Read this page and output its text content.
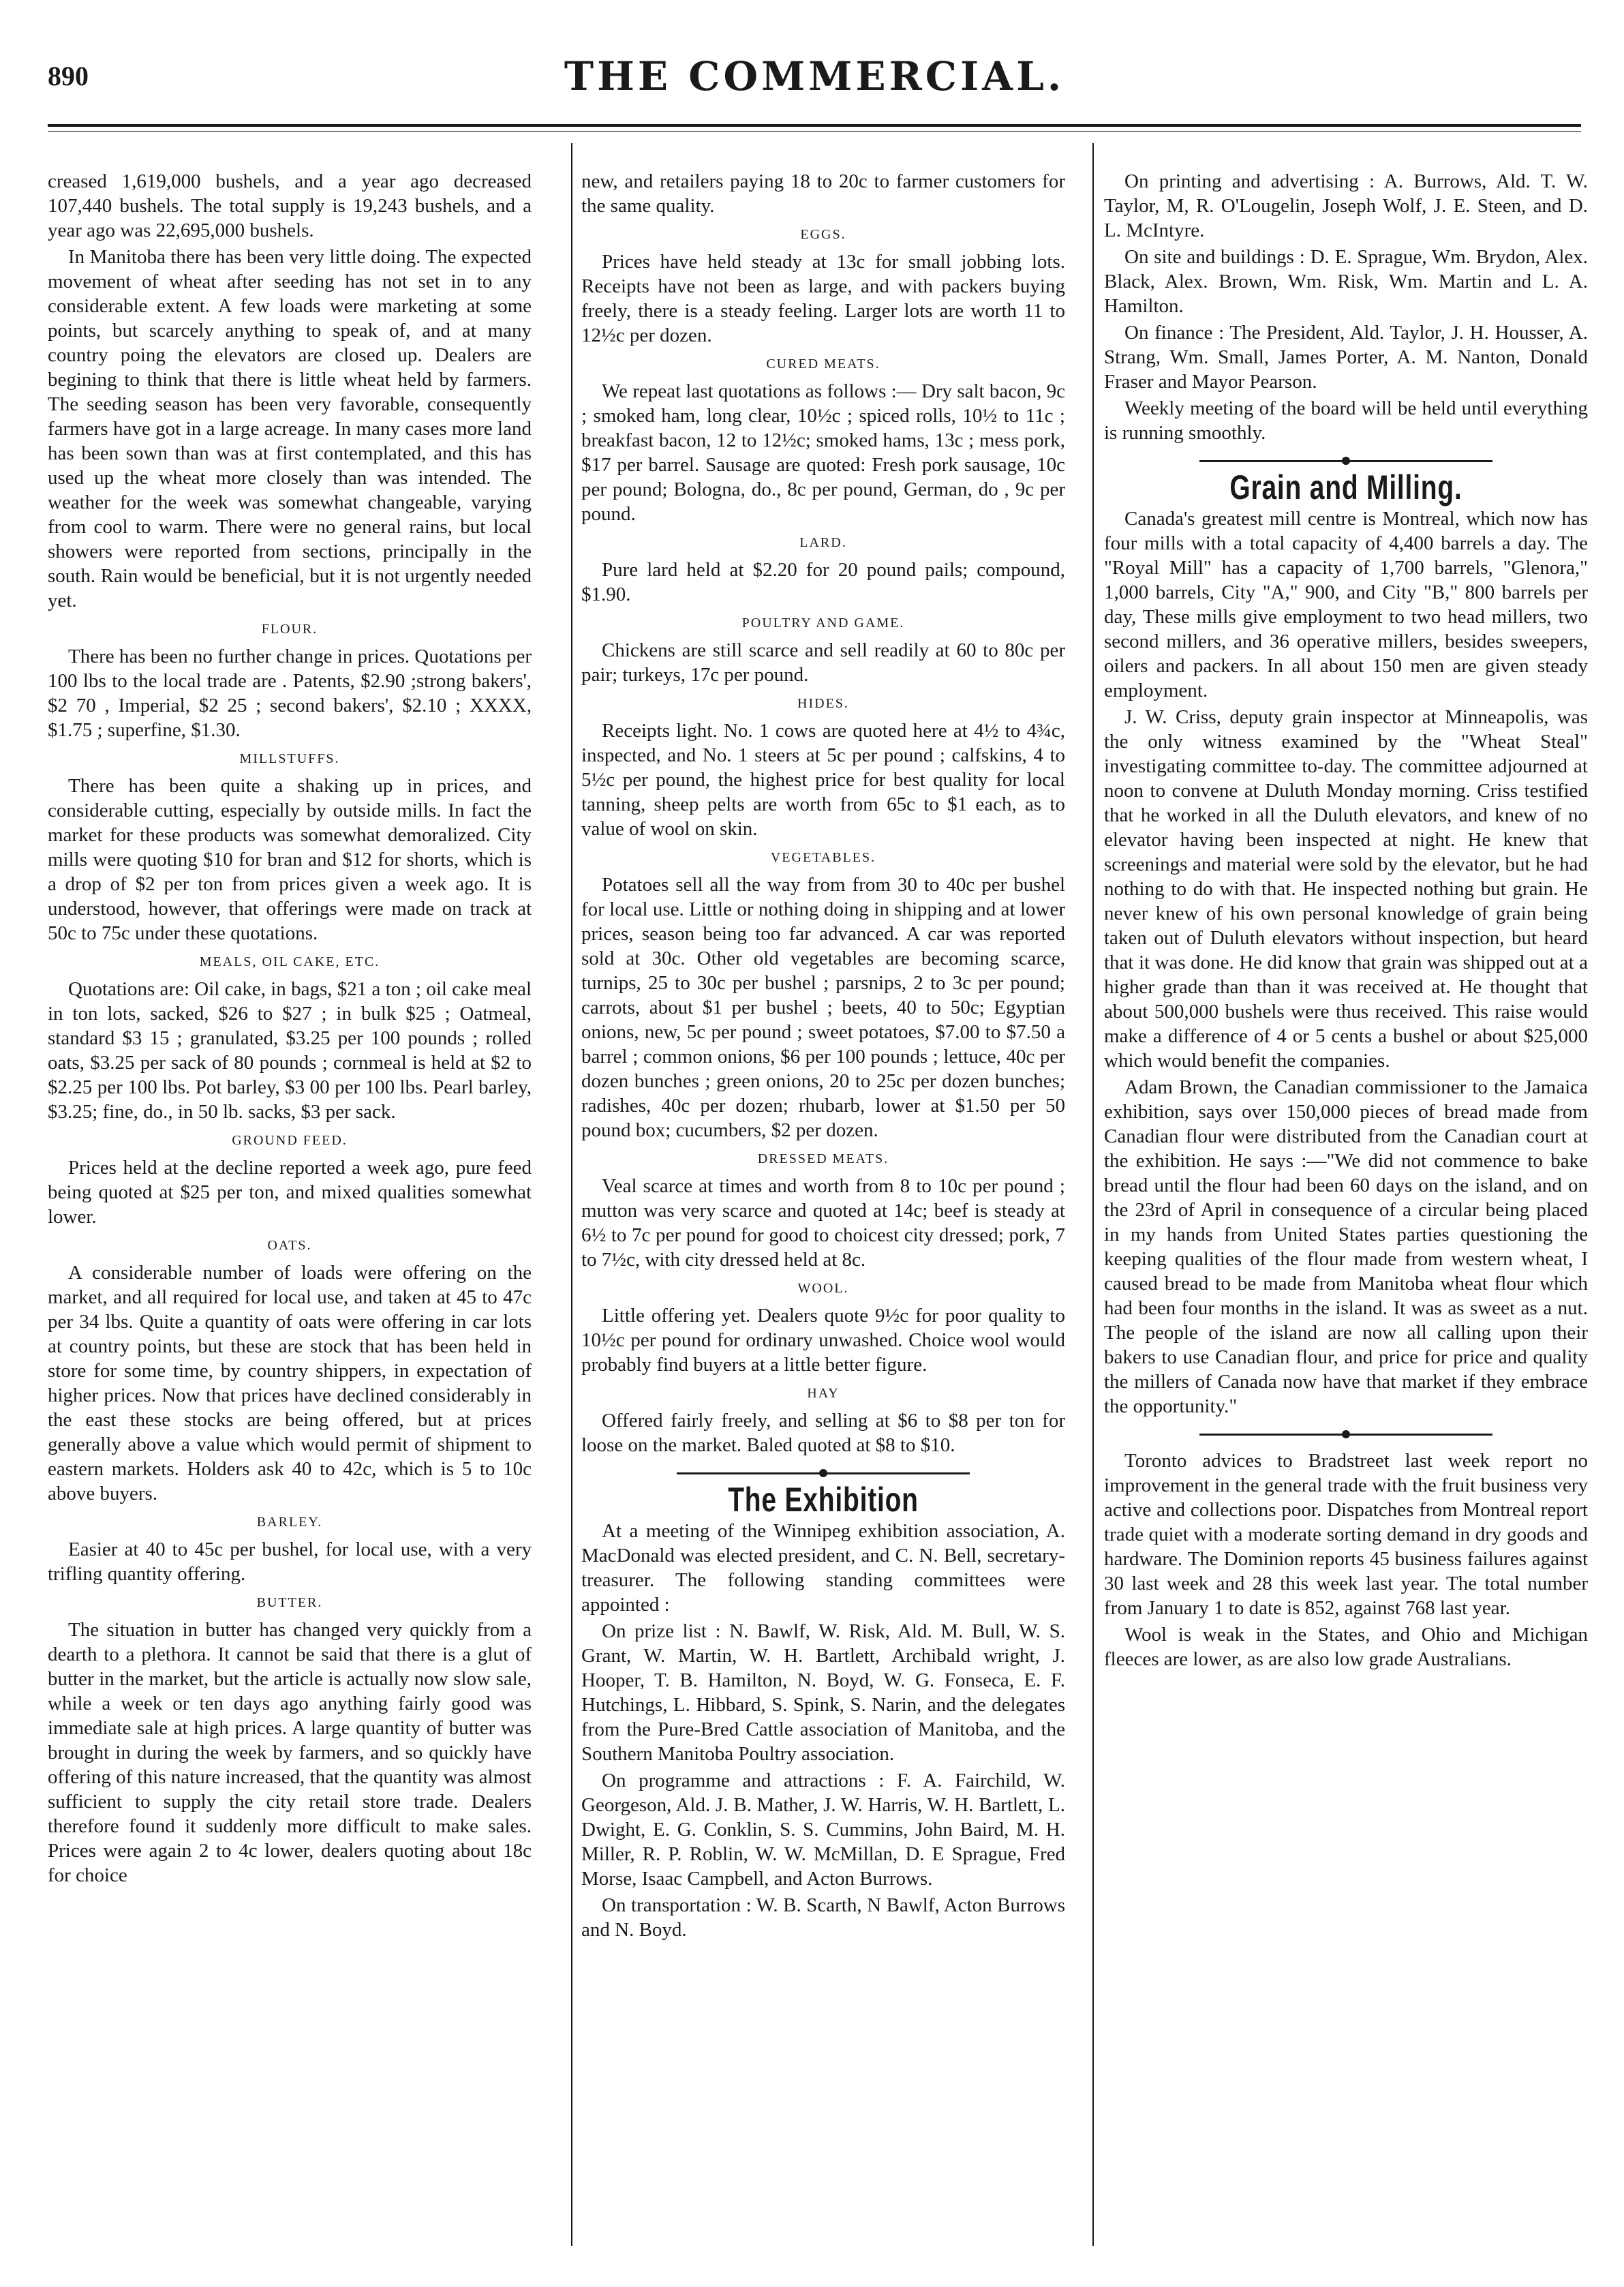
890	THE COMMERCIAL.

creased 1,619,000 bushels, and a year ago decreased 107,440 bushels. The total supply is 19,243 bushels, and a year ago was 22,695,000 bushels.

In Manitoba there has been very little doing. The expected movement of wheat after seeding has not set in to any considerable extent. A few loads were marketing at some points, but scarcely anything to speak of, and at many country poing the elevators are closed up. Dealers are begining to think that there is little wheat held by farmers. The seeding season has been very favorable, consequently farmers have got in a large acreage. In many cases more land has been sown than was at first contemplated, and this has used up the wheat more closely than was intended. The weather for the week was somewhat changeable, varying from cool to warm. There were no general rains, but local showers were reported from sections, principally in the south. Rain would be beneficial, but it is not urgently needed yet.

FLOUR.

There has been no further change in prices. Quotations per 100 lbs to the local trade are . Patents, $2.90 ;strong bakers', $2 70 , Imperial, $2 25 ; second bakers', $2.10 ; XXXX, $1.75 ; superfine, $1.30.

MILLSTUFFS.

There has been quite a shaking up in prices, and considerable cutting, especially by outside mills. In fact the market for these products was somewhat demoralized. City mills were quoting $10 for bran and $12 for shorts, which is a drop of $2 per ton from prices given a week ago. It is understood, however, that offerings were made on track at 50c to 75c under these quotations.

MEALS, OIL CAKE, ETC.

Quotations are: Oil cake, in bags, $21 a ton ; oil cake meal in ton lots, sacked, $26 to $27 ; in bulk $25 ; Oatmeal, standard $3 15 ; granulated, $3.25 per 100 pounds ; rolled oats, $3.25 per sack of 80 pounds ; cornmeal is held at $2 to $2.25 per 100 lbs. Pot barley, $3 00 per 100 lbs. Pearl barley, $3.25; fine, do., in 50 lb. sacks, $3 per sack.

GROUND FEED.

Prices held at the decline reported a week ago, pure feed being quoted at $25 per ton, and mixed qualities somewhat lower.

OATS.

A considerable number of loads were offering on the market, and all required for local use, and taken at 45 to 47c per 34 lbs. Quite a quantity of oats were offering in car lots at country points, but these are stock that has been held in store for some time, by country shippers, in expectation of higher prices. Now that prices have declined considerably in the east these stocks are being offered, but at prices generally above a value which would permit of shipment to eastern markets. Holders ask 40 to 42c, which is 5 to 10c above buyers.

BARLEY.

Easier at 40 to 45c per bushel, for local use, with a very trifling quantity offering.

BUTTER.

The situation in butter has changed very quickly from a dearth to a plethora. It cannot be said that there is a glut of butter in the market, but the article is actually now slow sale, while a week or ten days ago anything fairly good was immediate sale at high prices. A large quantity of butter was brought in during the week by farmers, and so quickly have offering of this nature increased, that the quantity was almost sufficient to supply the city retail store trade. Dealers therefore found it suddenly more difficult to make sales. Prices were again 2 to 4c lower, dealers quoting about 18c for choice

new, and retailers paying 18 to 20c to farmer customers for the same quality.

EGGS.

Prices have held steady at 13c for small jobbing lots. Receipts have not been as large, and with packers buying freely, there is a steady feeling. Larger lots are worth 11 to 12½c per dozen.

CURED MEATS.

We repeat last quotations as follows :— Dry salt bacon, 9c ; smoked ham, long clear, 10½c ; spiced rolls, 10½ to 11c ; breakfast bacon, 12 to 12½c; smoked hams, 13c ; mess pork, $17 per barrel. Sausage are quoted: Fresh pork sausage, 10c per pound; Bologna, do., 8c per pound, German, do , 9c per pound.

LARD.

Pure lard held at $2.20 for 20 pound pails; compound, $1.90.

POULTRY AND GAME.

Chickens are still scarce and sell readily at 60 to 80c per pair; turkeys, 17c per pound.

HIDES.

Receipts light. No. 1 cows are quoted here at 4½ to 4¾c, inspected, and No. 1 steers at 5c per pound ; calfskins, 4 to 5½c per pound, the highest price for best quality for local tanning, sheep pelts are worth from 65c to $1 each, as to value of wool on skin.

VEGETABLES.

Potatoes sell all the way from from 30 to 40c per bushel for local use. Little or nothing doing in shipping and at lower prices, season being too far advanced. A car was reported sold at 30c. Other old vegetables are becoming scarce, turnips, 25 to 30c per bushel ; parsnips, 2 to 3c per pound; carrots, about $1 per bushel ; beets, 40 to 50c; Egyptian onions, new, 5c per pound ; sweet potatoes, $7.00 to $7.50 a barrel ; common onions, $6 per 100 pounds ; lettuce, 40c per dozen bunches ; green onions, 20 to 25c per dozen bunches; radishes, 40c per dozen; rhubarb, lower at $1.50 per 50 pound box; cucumbers, $2 per dozen.

DRESSED MEATS.

Veal scarce at times and worth from 8 to 10c per pound ; mutton was very scarce and quoted at 14c; beef is steady at 6½ to 7c per pound for good to choicest city dressed; pork, 7 to 7½c, with city dressed held at 8c.

WOOL.

Little offering yet. Dealers quote 9½c for poor quality to 10½c per pound for ordinary unwashed. Choice wool would probably find buyers at a little better figure.

HAY

Offered fairly freely, and selling at $6 to $8 per ton for loose on the market. Baled quoted at $8 to $10.

The Exhibition

At a meeting of the Winnipeg exhibition association, A. MacDonald was elected president, and C. N. Bell, secretary-treasurer. The following standing committees were appointed :

On prize list : N. Bawlf, W. Risk, Ald. M. Bull, W. S. Grant, W. Martin, W. H. Bartlett, Archibald wright, J. Hooper, T. B. Hamilton, N. Boyd, W. G. Fonseca, E. F. Hutchings, L. Hibbard, S. Spink, S. Narin, and the delegates from the Pure-Bred Cattle association of Manitoba, and the Southern Manitoba Poultry association.

On programme and attractions : F. A. Fairchild, W. Georgeson, Ald. J. B. Mather, J. W. Harris, W. H. Bartlett, L. Dwight, E. G. Conklin, S. S. Cummins, John Baird, M. H. Miller, R. P. Roblin, W. W. McMillan, D. E Sprague, Fred Morse, Isaac Campbell, and Acton Burrows.

On transportation : W. B. Scarth, N Bawlf, Acton Burrows and N. Boyd.

On printing and advertising : A. Burrows, Ald. T. W. Taylor, M, R. O'Lougelin, Joseph Wolf, J. E. Steen, and D. L. McIntyre.

On site and buildings : D. E. Sprague, Wm. Brydon, Alex. Black, Alex. Brown, Wm. Risk, Wm. Martin and L. A. Hamilton.

On finance : The President, Ald. Taylor, J. H. Housser, A. Strang, Wm. Small, James Porter, A. M. Nanton, Donald Fraser and Mayor Pearson.

Weekly meeting of the board will be held until everything is running smoothly.

Grain and Milling.

Canada's greatest mill centre is Montreal, which now has four mills with a total capacity of 4,400 barrels a day. The "Royal Mill" has a capacity of 1,700 barrels, "Glenora," 1,000 barrels, City "A," 900, and City "B," 800 barrels per day, These mills give employment to two head millers, two second millers, and 36 operative millers, besides sweepers, oilers and packers. In all about 150 men are given steady employment.

J. W. Criss, deputy grain inspector at Minneapolis, was the only witness examined by the "Wheat Steal" investigating committee to-day. The committee adjourned at noon to convene at Duluth Monday morning. Criss testified that he worked in all the Duluth elevators, and knew of no elevator having been inspected at night. He knew that screenings and material were sold by the elevator, but he had nothing to do with that. He inspected nothing but grain. He never knew of his own personal knowledge of grain being taken out of Duluth elevators without inspection, but heard that it was done. He did know that grain was shipped out at a higher grade than than it was received at. He thought that about 500,000 bushels were thus received. This raise would make a difference of 4 or 5 cents a bushel or about $25,000 which would benefit the companies.

Adam Brown, the Canadian commissioner to the Jamaica exhibition, says over 150,000 pieces of bread made from Canadian flour were distributed from the Canadian court at the exhibition. He says :—"We did not commence to bake bread until the flour had been 60 days on the island, and on the 23rd of April in consequence of a circular being placed in my hands from United States parties questioning the keeping qualities of the flour made from western wheat, I caused bread to be made from Manitoba wheat flour which had been four months in the island. It was as sweet as a nut. The people of the island are now all calling upon their bakers to use Canadian flour, and price for price and quality the millers of Canada now have that market if they embrace the opportunity."

Toronto advices to Bradstreet last week report no improvement in the general trade with the fruit business very active and collections poor. Dispatches from Montreal report trade quiet with a moderate sorting demand in dry goods and hardware. The Dominion reports 45 business failures against 30 last week and 28 this week last year. The total number from January 1 to date is 852, against 768 last year.

Wool is weak in the States, and Ohio and Michigan fleeces are lower, as are also low grade Australians.
